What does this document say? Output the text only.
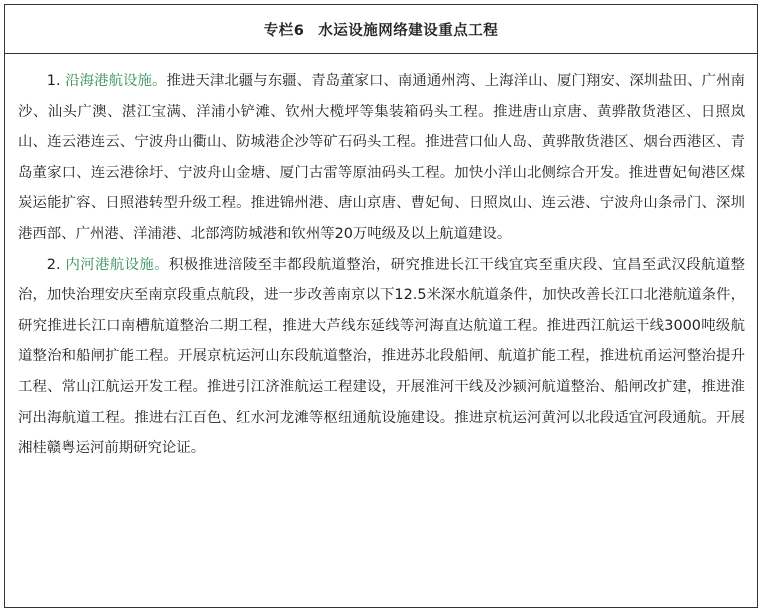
专栏6 水运设施网络建设重点工程

1. 沿海港航设施。推进天津北疆与东疆、青岛董家口、南通通州湾、上海洋山、厦门翔安、深圳盐田、广州南沙、汕头广澳、湛江宝满、洋浦小铲滩、钦州大榄坪等集装箱码头工程。推进唐山京唐、黄骅散货港区、日照岚山、连云港连云、宁波舟山衢山、防城港企沙等矿石码头工程。推进营口仙人岛、黄骅散货港区、烟台西港区、青岛董家口、连云港徐圩、宁波舟山金塘、厦门古雷等原油码头工程。加快小洋山北侧综合开发。推进曹妃甸港区煤炭运能扩容、日照港转型升级工程。推进锦州港、唐山京唐、曹妃甸、日照岚山、连云港、宁波舟山条帚门、深圳港西部、广州港、洋浦港、北部湾防城港和钦州等20万吨级及以上航道建设。

2. 内河港航设施。积极推进涪陵至丰都段航道整治，研究推进长江干线宜宾至重庆段、宜昌至武汉段航道整治，加快治理安庆至南京段重点航段，进一步改善南京以下12.5米深水航道条件，加快改善长江口北港航道条件，研究推进长江口南槽航道整治二期工程，推进大芦线东延线等河海直达航道工程。推进西江航运干线3000吨级航道整治和船闸扩能工程。开展京杭运河山东段航道整治，推进苏北段船闸、航道扩能工程，推进杭甬运河整治提升工程、常山江航运开发工程。推进引江济淮航运工程建设，开展淮河干线及沙颍河航道整治、船闸改扩建，推进淮河出海航道工程。推进右江百色、红水河龙滩等枢纽通航设施建设。推进京杭运河黄河以北段适宜河段通航。开展湘桂赣粤运河前期研究论证。
